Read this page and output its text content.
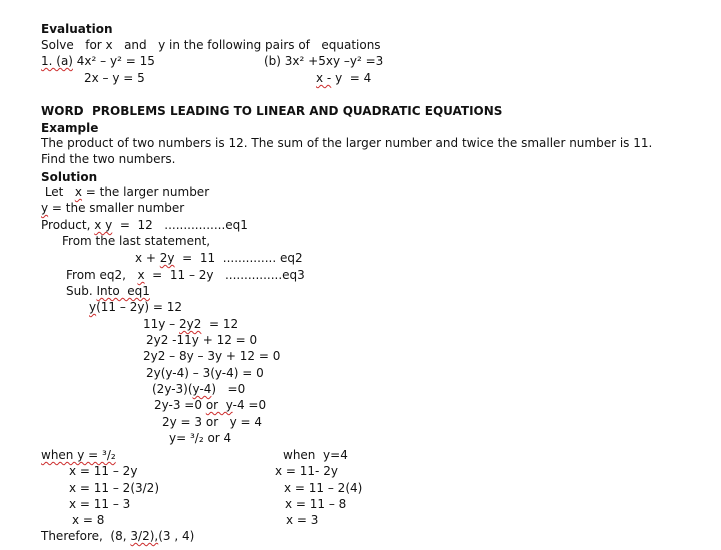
Evaluation
Solve   for x   and   y in the following pairs of   equations
1. (a) 4x² – y² = 15
2x – y = 5
(b) 3x² +5xy –y² =3
x - y  = 4
WORD  PROBLEMS LEADING TO LINEAR AND QUADRATIC EQUATIONS
Example
The product of two numbers is 12. The sum of the larger number and twice the smaller number is 11.
Find the two numbers.
Solution
Let   x = the larger number
y = the smaller number
Product, x y  =  12   ................eq1
From the last statement,
x + 2y  =  11  .............. eq2
From eq2,   x  =  11 – 2y   ...............eq3
Sub. Into  eq1
y(11 – 2y) = 12
11y – 2y2  = 12
2y2 -11y + 12 = 0
2y2 – 8y – 3y + 12 = 0
2y(y-4) – 3(y-4) = 0
(2y-3)(y-4)   =0
2y-3 =0 or  y-4 =0
2y = 3 or   y = 4
y= ³/₂ or 4
when y = ³/₂
x = 11 – 2y
x = 11 – 2(3/2)
x = 11 – 3
x = 8
when  y=4
x = 11- 2y
x = 11 – 2(4)
x = 11 – 8
x = 3
Therefore,  (8, 3/2),(3 , 4)
